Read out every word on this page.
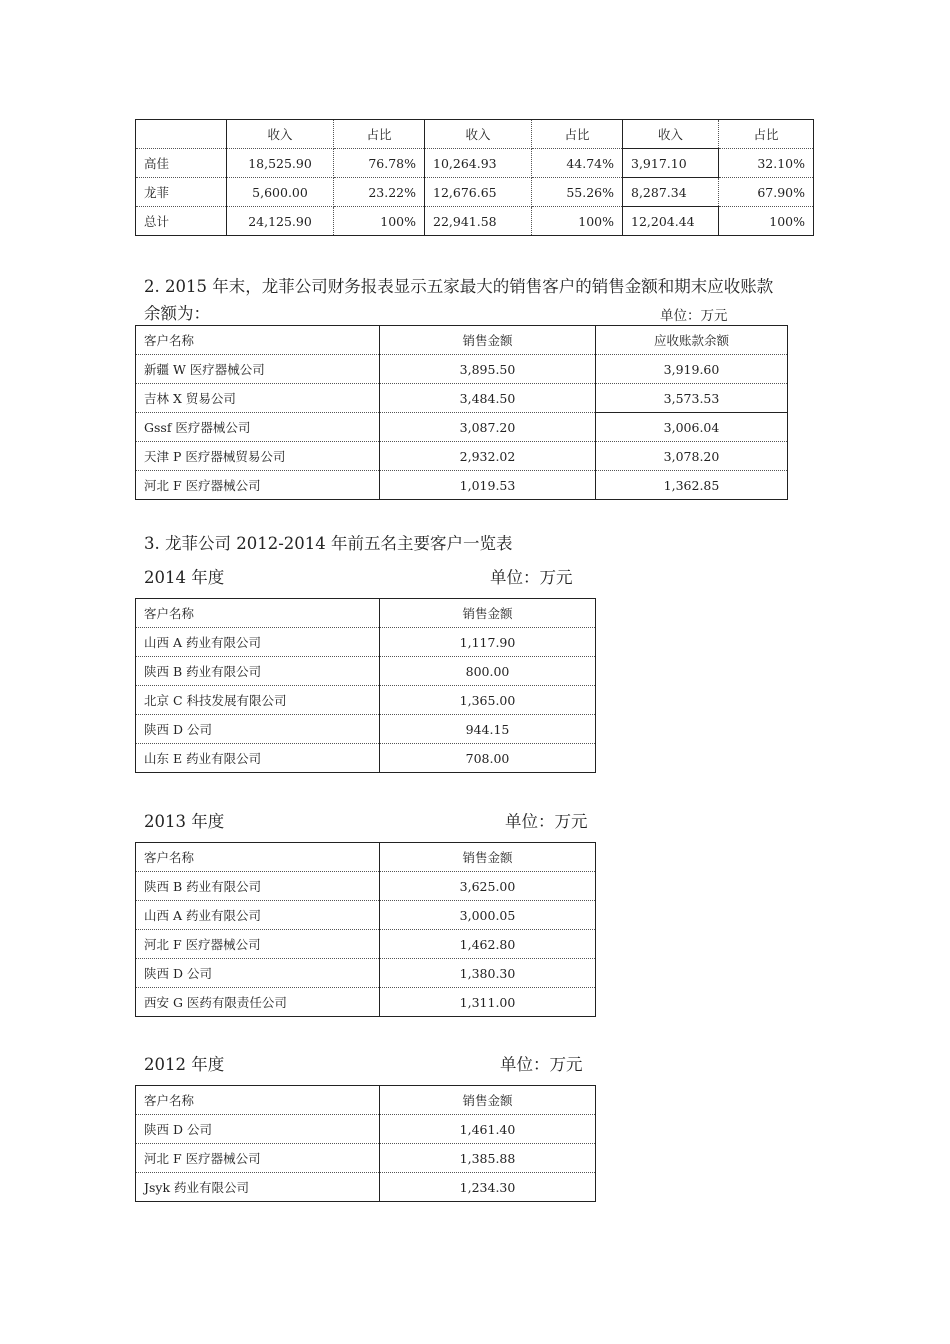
	收入	占比	收入	占比	收入	占比
高佳	18,525.90	76.78%	10,264.93	44.74%	3,917.10	32.10%
龙菲	5,600.00	23.22%	12,676.65	55.26%	8,287.34	67.90%
总计	24,125.90	100%	22,941.58	100%	12,204.44	100%
2. 2015 年末，龙菲公司财务报表显示五家最大的销售客户的销售金额和期末应收账款
余额为：	单位：万元
客户名称	销售金额	应收账款余额
新疆 W 医疗器械公司	3,895.50	3,919.60
吉林 X 贸易公司	3,484.50	3,573.53
Gssf 医疗器械公司	3,087.20	3,006.04
天津 P 医疗器械贸易公司	2,932.02	3,078.20
河北 F 医疗器械公司	1,019.53	1,362.85
3. 龙菲公司 2012-2014 年前五名主要客户一览表
2014 年度	单位：万元
客户名称	销售金额
山西 A 药业有限公司	1,117.90
陕西 B 药业有限公司	800.00
北京 C 科技发展有限公司	1,365.00
陕西 D 公司	944.15
山东 E 药业有限公司	708.00
2013 年度	单位：万元
客户名称	销售金额
陕西 B 药业有限公司	3,625.00
山西 A 药业有限公司	3,000.05
河北 F 医疗器械公司	1,462.80
陕西 D 公司	1,380.30
西安 G 医药有限责任公司	1,311.00
2012 年度	单位：万元
客户名称	销售金额
陕西 D 公司	1,461.40
河北 F 医疗器械公司	1,385.88
Jsyk 药业有限公司	1,234.30
